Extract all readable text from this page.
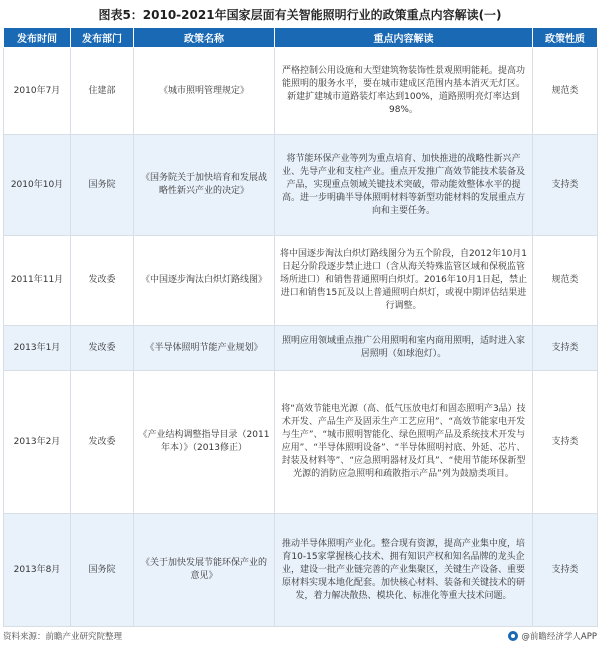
图表5：2010-2021年国家层面有关智能照明行业的政策重点内容解读(一)
发布时间	发布部门	政策名称	重点内容解读	政策性质
2010年7月	住建部	《城市照明管理规定》	严格控制公用设施和大型建筑物装饰性景观照明能耗。提高功能照明的服务水平，要在城市建成区范围内基本消灭无灯区。新建扩建城市道路装灯率达到100%，道路照明亮灯率达到98%。	规范类
2010年10月	国务院	《国务院关于加快培育和发展战略性新兴产业的决定》	将节能环保产业等列为重点培育、加快推进的战略性新兴产业、先导产业和支柱产业。重点开发推广高效节能技术装备及产品，实现重点领域关键技术突破，带动能效整体水平的提高。进一步明确半导体照明材料等新型功能材料的发展重点方向和主要任务。	支持类
2011年11月	发改委	《中国逐步淘汰白炽灯路线图》	将中国逐步淘汰白炽灯路线图分为五个阶段，自2012年10月1日起分阶段逐步禁止进口（含从海关特殊监管区域和保税监管场所进口）和销售普通照明白炽灯。2016年10月1日起，禁止进口和销售15瓦及以上普通照明白炽灯，或视中期评估结果进行调整。	规范类
2013年1月	发改委	《半导体照明节能产业规划》	照明应用领域重点推广公用照明和室内商用照明，适时进入家居照明（如球泡灯）。	支持类
2013年2月	发改委	《产业结构调整指导目录（2011年本）》（2013修正）	将“高效节能电光源（高、低气压放电灯和固态照明产3品）技术开发、产品生产及固汞生产工艺应用”、“高效节能家电开发与生产”、“城市照明智能化、绿色照明产品及系统技术开发与应用”、“半导体照明设备”、“半导体照明衬底、外延、芯片、封装及材料等”、“应急照明器材及灯具”、“使用节能环保新型光源的消防应急照明和疏散指示产品”列为鼓励类项目。	支持类
2013年8月	国务院	《关于加快发展节能环保产业的意见》	推动半导体照明产业化。整合现有资源，提高产业集中度，培育10-15家掌握核心技术、拥有知识产权和知名品牌的龙头企业，建设一批产业链完善的产业集聚区，关键生产设备、重要原材料实现本地化配套。加快核心材料、装备和关键技术的研发，着力解决散热、模块化、标准化等重大技术问题。	支持类
资料来源：前瞻产业研究院整理	@前瞻经济学人APP
